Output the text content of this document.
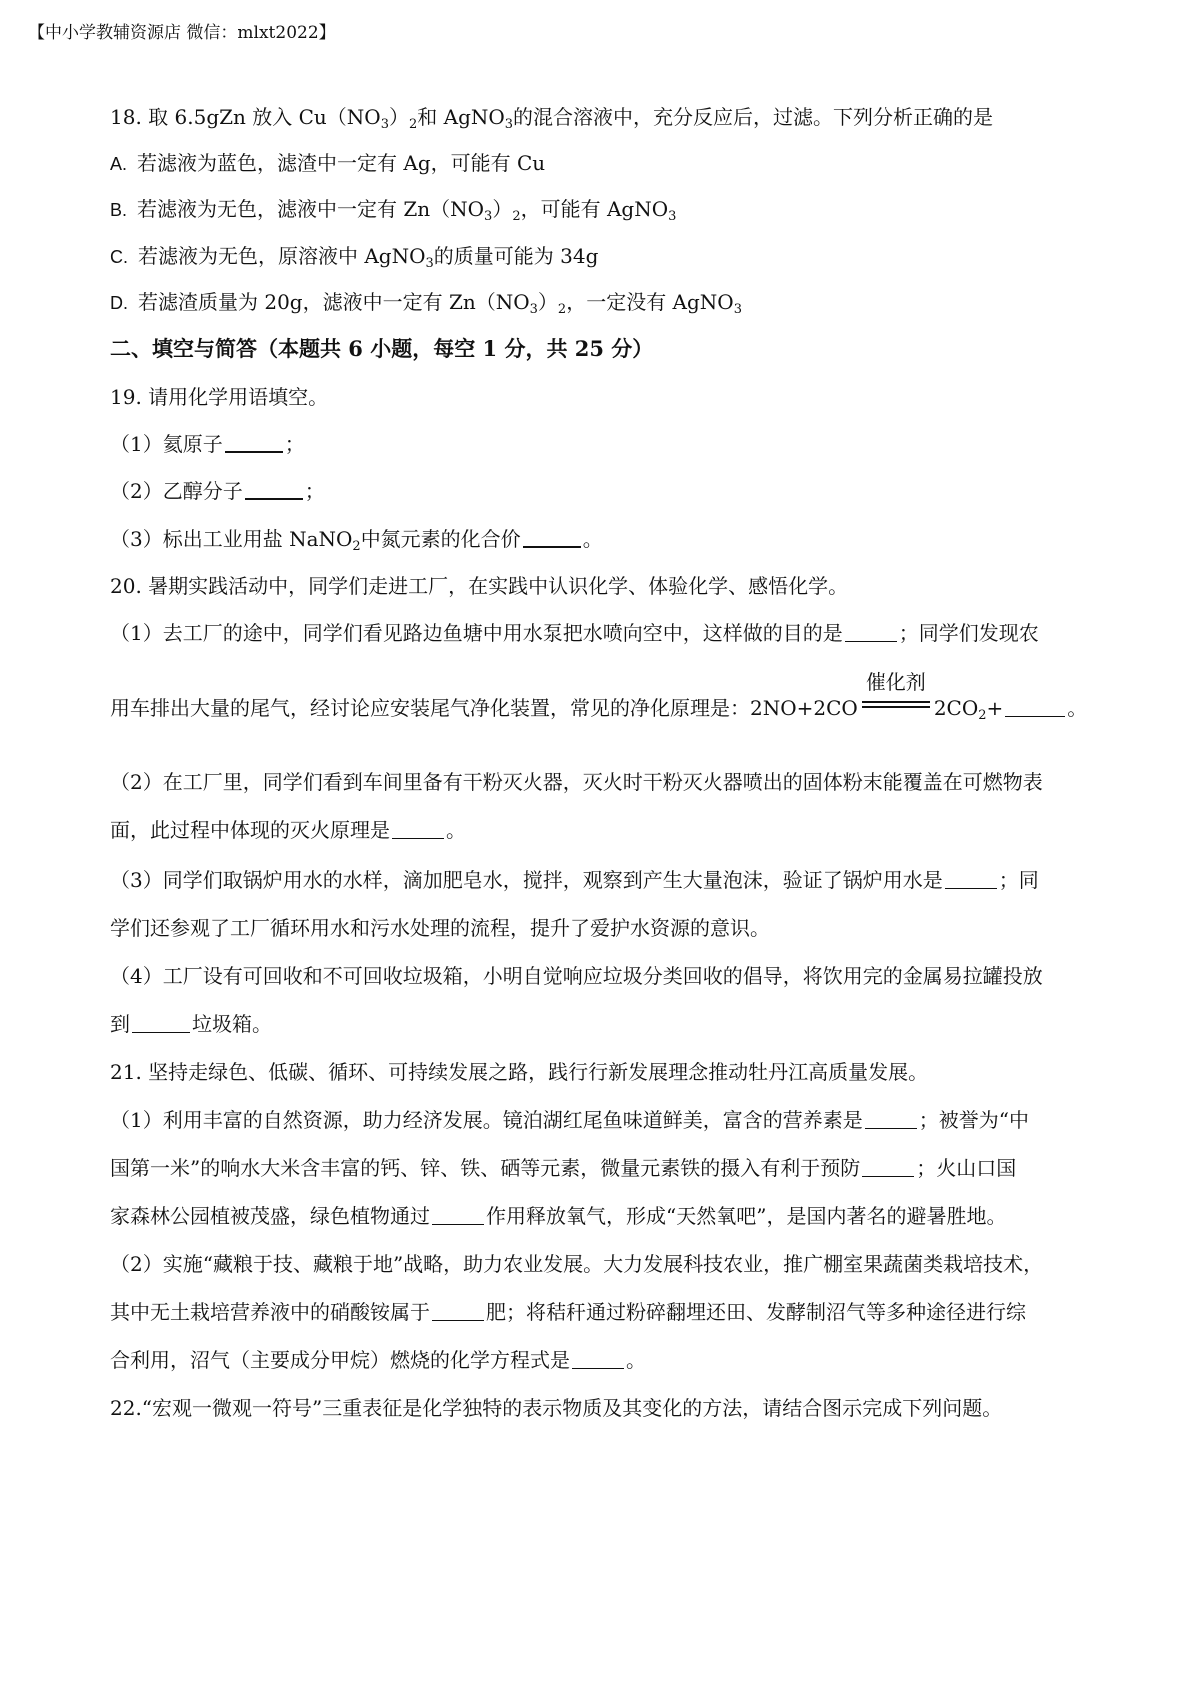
【中小学教辅资源店 微信：mlxt2022】
18. 取 6.5gZn 放入 $Cu(NO_3)_2$和 AgNO$_3$的混合溶液中，充分反应后，过滤。下列分析正确的是
A. 若滤液为蓝色，滤渣中一定有 Ag，可能有 Cu
B. 若滤液为无色，滤液中一定有 $Zn(NO_3)_2$，可能有 AgNO$_3$
C. 若滤液为无色，原溶液中 AgNO$_3$的质量可能为 34g
D. 若滤渣质量为 20g，滤液中一定有 $Zn(NO_3)_2$，一定没有 AgNO$_3$
二、填空与简答（本题共 6 小题，每空 1 分，共 25 分）
19. 请用化学用语填空。
（1）氦原子	；
（2）乙醇分子	；
（3）标出工业用盐 NaNO$_2$中氮元素的化合价	。
20. 暑期实践活动中，同学们走进工厂，在实践中认识化学、体验化学、感悟化学。
（1）去工厂的途中，同学们看见路边鱼塘中用水泵把水喷向空中，这样做的目的是	；同学们发现农
用车排出大量的尾气，经讨论应安装尾气净化装置，常见的净化原理是：2NO+2CO
催化剂
$2CO_2+$	。
（2）在工厂里，同学们看到车间里备有干粉灭火器，灭火时干粉灭火器喷出的固体粉末能覆盖在可燃物表
面，此过程中体现的灭火原理是	。
（3）同学们取锅炉用水的水样，滴加肥皂水，搅拌，观察到产生大量泡沫，验证了锅炉用水是	；同
学们还参观了工厂循环用水和污水处理的流程，提升了爱护水资源的意识。
（4）工厂设有可回收和不可回收垃圾箱，小明自觉响应垃圾分类回收的倡导，将饮用完的金属易拉罐投放
到	垃圾箱。
21. 坚持走绿色、低碳、循环、可持续发展之路，践行行新发展理念推动牡丹江高质量发展。
（1）利用丰富的自然资源，助力经济发展。镜泊湖红尾鱼味道鲜美，富含的营养素是	；被誉为“中
国第一米”的响水大米含丰富的钙、锌、铁、硒等元素，微量元素铁的摄入有利于预防	；火山口国
家森林公园植被茂盛，绿色植物通过	作用释放氧气，形成“天然氧吧”，是国内著名的避暑胜地。
（2）实施“藏粮于技、藏粮于地”战略，助力农业发展。大力发展科技农业，推广棚室果蔬菌类栽培技术，
其中无土栽培营养液中的硝酸铵属于	肥；将秸秆通过粉碎翻埋还田、发酵制沼气等多种途径进行综
合利用，沼气（主要成分甲烷）燃烧的化学方程式是	。
22.“宏观一微观一符号”三重表征是化学独特的表示物质及其变化的方法，请结合图示完成下列问题。
